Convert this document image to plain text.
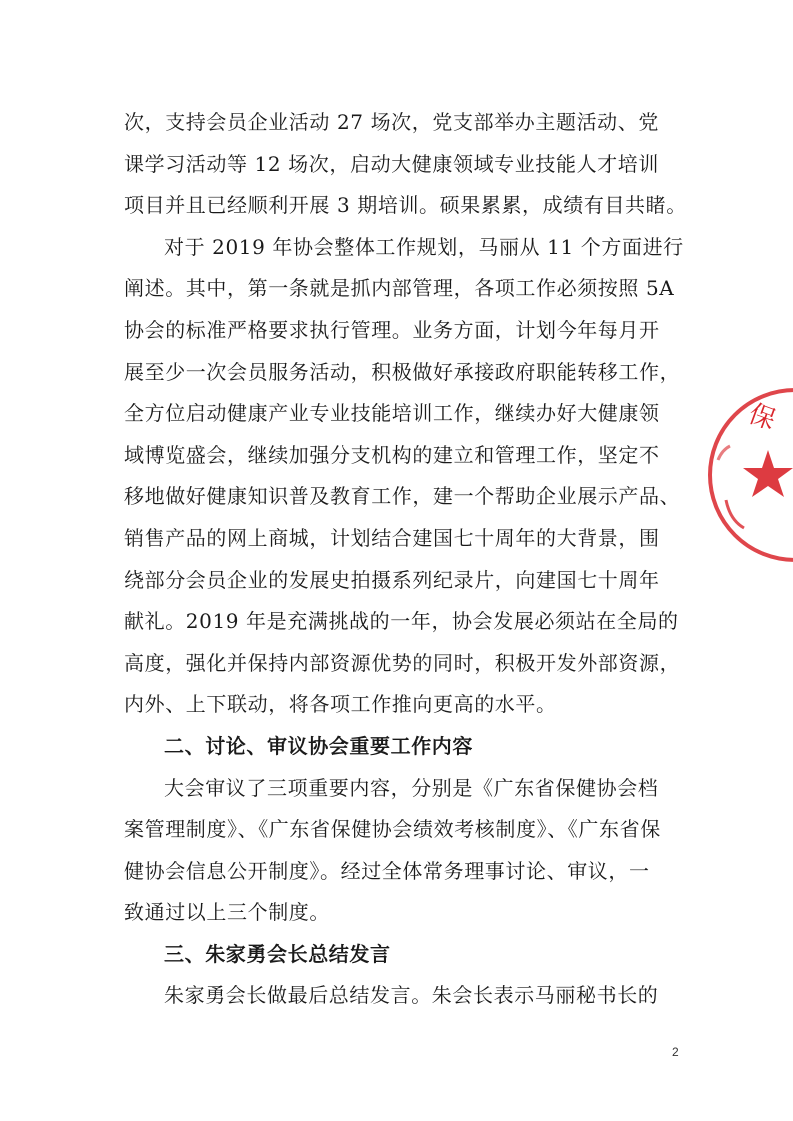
次，支持会员企业活动 27 场次，党支部举办主题活动、党
课学习活动等 12 场次，启动大健康领域专业技能人才培训
项目并且已经顺利开展 3 期培训。硕果累累，成绩有目共睹。

对于 2019 年协会整体工作规划，马丽从 11 个方面进行
阐述。其中，第一条就是抓内部管理，各项工作必须按照 5A
协会的标准严格要求执行管理。业务方面，计划今年每月开
展至少一次会员服务活动，积极做好承接政府职能转移工作，
全方位启动健康产业专业技能培训工作，继续办好大健康领
域博览盛会，继续加强分支机构的建立和管理工作，坚定不
移地做好健康知识普及教育工作，建一个帮助企业展示产品、
销售产品的网上商城，计划结合建国七十周年的大背景，围
绕部分会员企业的发展史拍摄系列纪录片，向建国七十周年
献礼。2019 年是充满挑战的一年，协会发展必须站在全局的
高度，强化并保持内部资源优势的同时，积极开发外部资源，
内外、上下联动，将各项工作推向更高的水平。

二、讨论、审议协会重要工作内容

大会审议了三项重要内容，分别是《广东省保健协会档
案管理制度》、《广东省保健协会绩效考核制度》、《广东省保
健协会信息公开制度》。经过全体常务理事讨论、审议，一
致通过以上三个制度。

三、朱家勇会长总结发言

朱家勇会长做最后总结发言。朱会长表示马丽秘书长的

保
2
